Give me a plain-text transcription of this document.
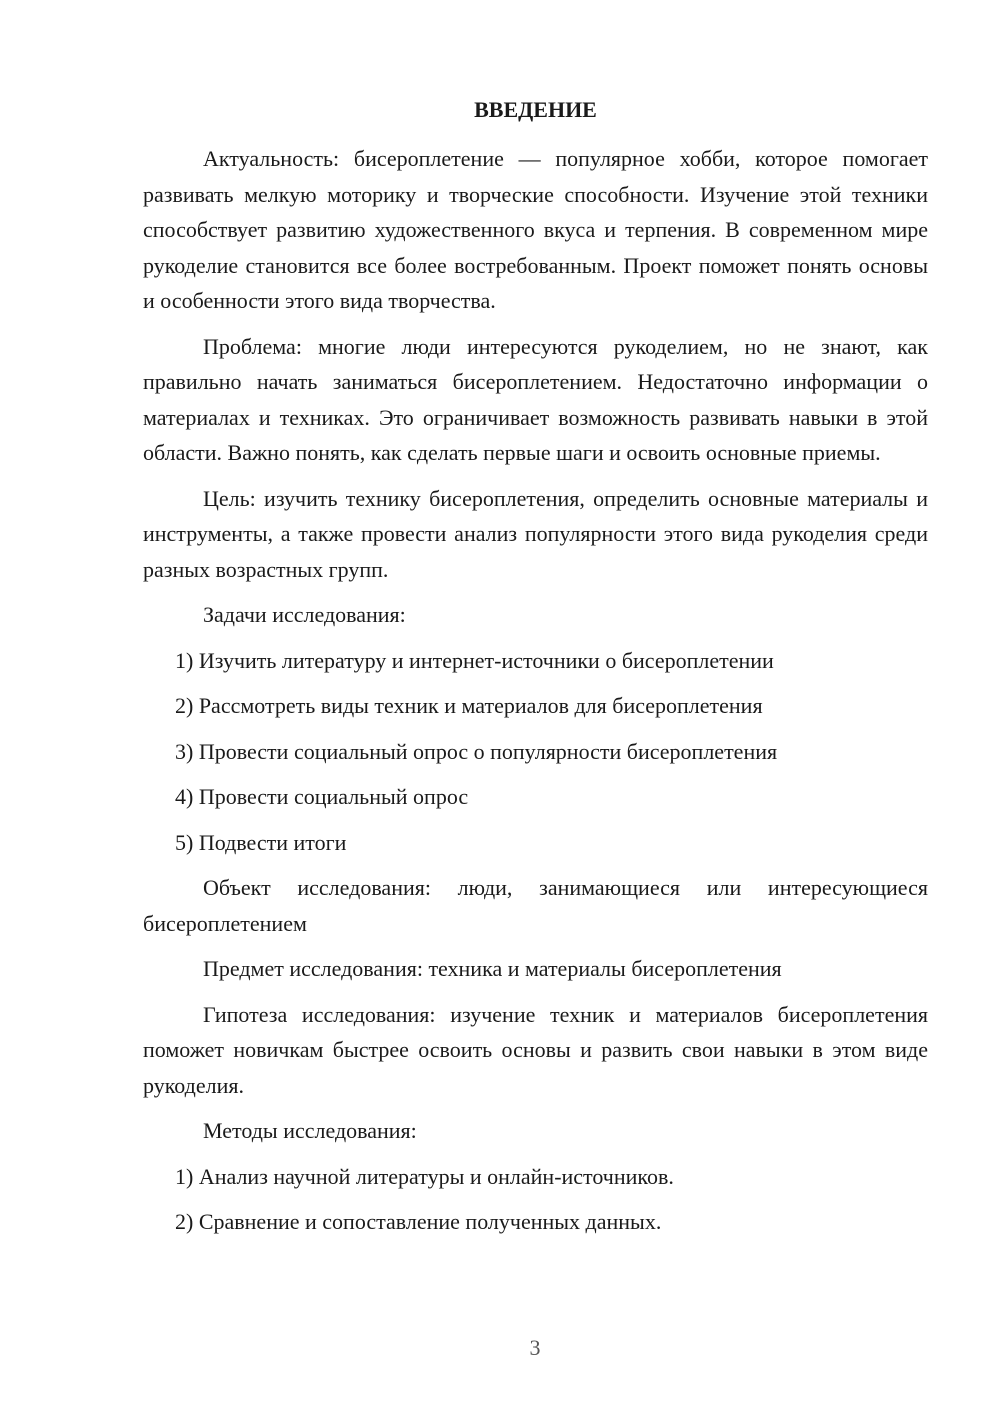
ВВЕДЕНИЕ
Актуальность: бисероплетение — популярное хобби, которое помогает развивать мелкую моторику и творческие способности. Изучение этой техники способствует развитию художественного вкуса и терпения. В современном мире рукоделие становится все более востребованным. Проект поможет понять основы и особенности этого вида творчества.
Проблема: многие люди интересуются рукоделием, но не знают, как правильно начать заниматься бисероплетением. Недостаточно информации о материалах и техниках. Это ограничивает возможность развивать навыки в этой области. Важно понять, как сделать первые шаги и освоить основные приемы.
Цель: изучить технику бисероплетения, определить основные материалы и инструменты, а также провести анализ популярности этого вида рукоделия среди разных возрастных групп.
Задачи исследования:
1) Изучить литературу и интернет-источники о бисероплетении
2) Рассмотреть виды техник и материалов для бисероплетения
3) Провести социальный опрос о популярности бисероплетения
4) Провести социальный опрос
5) Подвести итоги
Объект исследования: люди, занимающиеся или интересующиеся бисероплетением
Предмет исследования: техника и материалы бисероплетения
Гипотеза исследования: изучение техник и материалов бисероплетения поможет новичкам быстрее освоить основы и развить свои навыки в этом виде рукоделия.
Методы исследования:
1) Анализ научной литературы и онлайн-источников.
2) Сравнение и сопоставление полученных данных.
3
